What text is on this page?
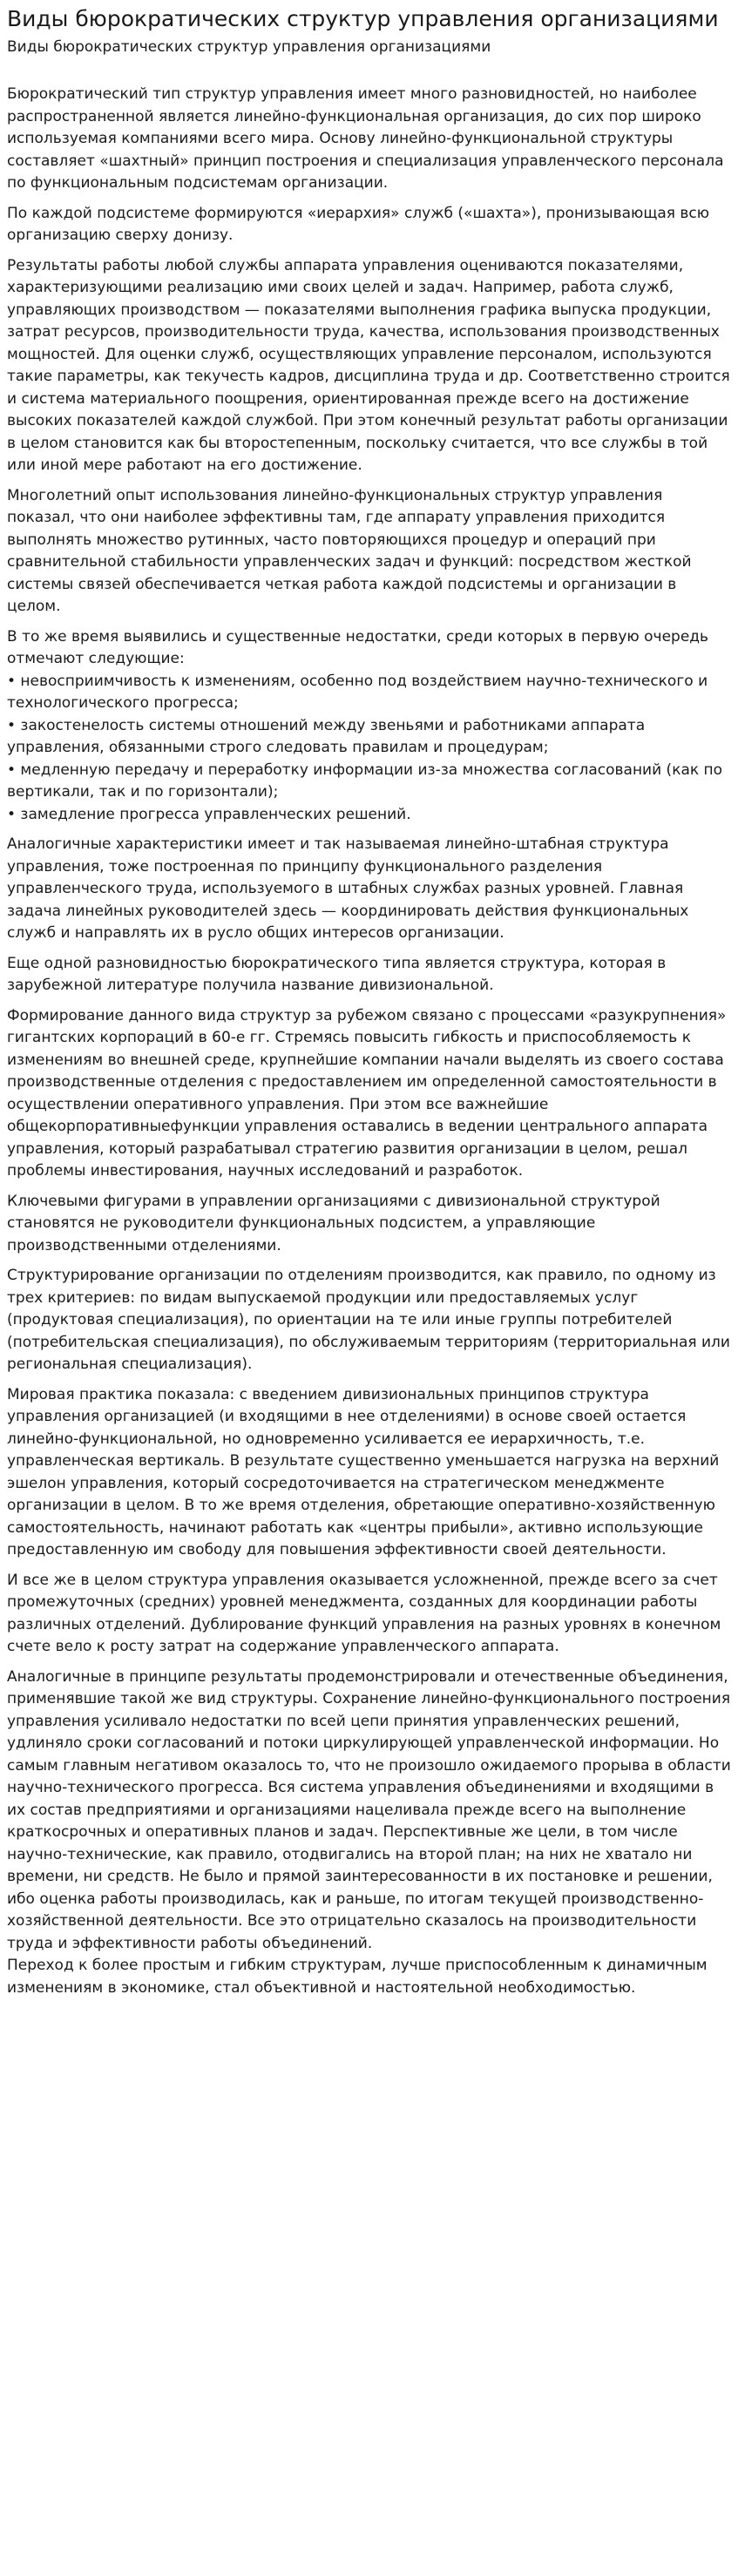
Виды бюрократических структур управления организациями
Виды бюрократических структур управления организациями

Бюрократический тип структур управления имеет много разновидностей, но наиболее распространенной является линейно-функциональная организация, до сих пор широко используемая компаниями всего мира. Основу линейно-функциональной структуры составляет «шахтный» принцип построения и специализация управленческого персонала по функциональным подсистемам организации.

По каждой подсистеме формируются «иерархия» служб («шахта»), пронизывающая всю организацию сверху донизу.

Результаты работы любой службы аппарата управления оцениваются показателями, характеризующими реализацию ими своих целей и задач. Например, работа служб, управляющих производством — показателями выполнения графика выпуска продукции, затрат ресурсов, производительности труда, качества, использования производственных мощностей. Для оценки служб, осуществляющих управление персоналом, используются такие параметры, как текучесть кадров, дисциплина труда и др. Соответственно строится и система материального поощрения, ориентированная прежде всего на достижение высоких показателей каждой службой. При этом конечный результат работы организации в целом становится как бы второстепенным, поскольку считается, что все службы в той или иной мере работают на его достижение.

Многолетний опыт использования линейно-функциональных структур управления показал, что они наиболее эффективны там, где аппарату управления приходится выполнять множество рутинных, часто повторяющихся процедур и операций при сравнительной стабильности управленческих задач и функций: посредством жесткой системы связей обеспечивается четкая работа каждой подсистемы и организации в целом.

В то же время выявились и существенные недостатки, среди которых в первую очередь отмечают следующие:
• невосприимчивость к изменениям, особенно под воздействием научно-технического и технологического прогресса;
• закостенелость системы отношений между звеньями и работниками аппарата управления, обязанными строго следовать правилам и процедурам;
• медленную передачу и переработку информации из-за множества согласований (как по вертикали, так и по горизонтали);
• замедление прогресса управленческих решений.

Аналогичные характеристики имеет и так называемая линейно-штабная структура управления, тоже построенная по принципу функционального разделения управленческого труда, используемого в штабных службах разных уровней. Главная задача линейных руководителей здесь — координировать действия функциональных служб и направлять их в русло общих интересов организации.

Еще одной разновидностью бюрократического типа является структура, которая в зарубежной литературе получила название дивизиональной.

Формирование данного вида структур за рубежом связано с процессами «разукрупнения» гигантских корпораций в 60-е гг. Стремясь повысить гибкость и приспособляемость к изменениям во внешней среде, крупнейшие компании начали выделять из своего состава производственные отделения с предоставлением им определенной самостоятельности в осуществлении оперативного управления. При этом все важнейшие общекорпоративныефункции управления оставались в ведении центрального аппарата управления, который разрабатывал стратегию развития организации в целом, решал проблемы инвестирования, научных исследований и разработок.

Ключевыми фигурами в управлении организациями с дивизиональной структурой становятся не руководители функциональных подсистем, а управляющие производственными отделениями.

Структурирование организации по отделениям производится, как правило, по одному из трех критериев: по видам выпускаемой продукции или предоставляемых услуг (продуктовая специализация), по ориентации на те или иные группы потребителей (потребительская специализация), по обслуживаемым территориям (территориальная или региональная специализация).

Мировая практика показала: с введением дивизиональных принципов структура управления организацией (и входящими в нее отделениями) в основе своей остается линейно-функциональной, но одновременно усиливается ее иерархичность, т.е. управленческая вертикаль. В результате существенно уменьшается нагрузка на верхний эшелон управления, который сосредоточивается на стратегическом менеджменте организации в целом. В то же время отделения, обретающие оперативно-хозяйственную самостоятельность, начинают работать как «центры прибыли», активно использующие предоставленную им свободу для повышения эффективности своей деятельности.

И все же в целом структура управления оказывается усложненной, прежде всего за счет промежуточных (средних) уровней менеджмента, созданных для координации работы различных отделений. Дублирование функций управления на разных уровнях в конечном счете вело к росту затрат на содержание управленческого аппарата.

Аналогичные в принципе результаты продемонстрировали и отечественные объединения, применявшие такой же вид структуры. Сохранение линейно-функционального построения управления усиливало недостатки по всей цепи принятия управленческих решений, удлиняло сроки согласований и потоки циркулирующей управленческой информации. Но самым главным негативом оказалось то, что не произошло ожидаемого прорыва в области научно-технического прогресса. Вся система управления объединениями и входящими в их состав предприятиями и организациями нацеливала прежде всего на выполнение краткосрочных и оперативных планов и задач. Перспективные же цели, в том числе научно-технические, как правило, отодвигались на второй план; на них не хватало ни времени, ни средств. Не было и прямой заинтересованности в их постановке и решении, ибо оценка работы производилась, как и раньше, по итогам текущей производственно-хозяйственной деятельности. Все это отрицательно сказалось на производительности труда и эффективности работы объединений.
Переход к более простым и гибким структурам, лучше приспособленным к динамичным изменениям в экономике, стал объективной и настоятельной необходимостью.
